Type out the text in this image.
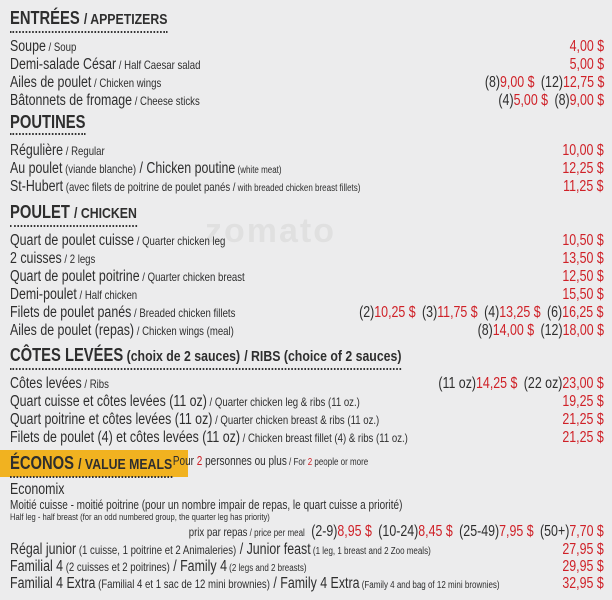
zomato
ENTRÉES / APPETIZERS
Soupe / Soup	4,00 $
Demi-salade César / Half Caesar salad	5,00 $
Ailes de poulet / Chicken wings	(8)9,00 $ (12)12,75 $
Bâtonnets de fromage / Cheese sticks	(4)5,00 $ (8)9,00 $
POUTINES
Régulière / Regular	10,00 $
Au poulet (viande blanche) / Chicken poutine (white meat)	12,25 $
St-Hubert (avec filets de poitrine de poulet panés / with breaded chicken breast fillets)	11,25 $
POULET / CHICKEN
Quart de poulet cuisse / Quarter chicken leg	10,50 $
2 cuisses / 2 legs	13,50 $
Quart de poulet poitrine / Quarter chicken breast	12,50 $
Demi-poulet / Half chicken	15,50 $
Filets de poulet panés / Breaded chicken fillets	(2)10,25 $ (3)11,75 $ (4)13,25 $ (6)16,25 $
Ailes de poulet (repas) / Chicken wings (meal)	(8)14,00 $ (12)18,00 $
CÔTES LEVÉES (choix de 2 sauces) / RIBS (choice of 2 sauces)
Côtes levées / Ribs	(11 oz)14,25 $ (22 oz)23,00 $
Quart cuisse et côtes levées (11 oz) / Quarter chicken leg & ribs (11 oz.)	19,25 $
Quart poitrine et côtes levées (11 oz) / Quarter chicken breast & ribs (11 oz.)	21,25 $
Filets de poulet (4) et côtes levées (11 oz) / Chicken breast fillet (4) & ribs (11 oz.)	21,25 $
ÉCONOS / VALUE MEALS Pour 2 personnes ou plus / For 2 people or more
Economix
Moitié cuisse - moitié poitrine (pour un nombre impair de repas, le quart cuisse a priorité)
Half leg - half breast (for an odd numbered group, the quarter leg has priority)
prix par repas / price per meal (2-9)8,95 $ (10-24)8,45 $ (25-49)7,95 $ (50+)7,70 $
Régal junior (1 cuisse, 1 poitrine et 2 Animaleries) / Junior feast (1 leg, 1 breast and 2 Zoo meals)	27,95 $
Familial 4 (2 cuisses et 2 poitrines) / Family 4 (2 legs and 2 breasts)	29,95 $
Familial 4 Extra (Familial 4 et 1 sac de 12 mini brownies) / Family 4 Extra (Family 4 and bag of 12 mini brownies)	32,95 $
